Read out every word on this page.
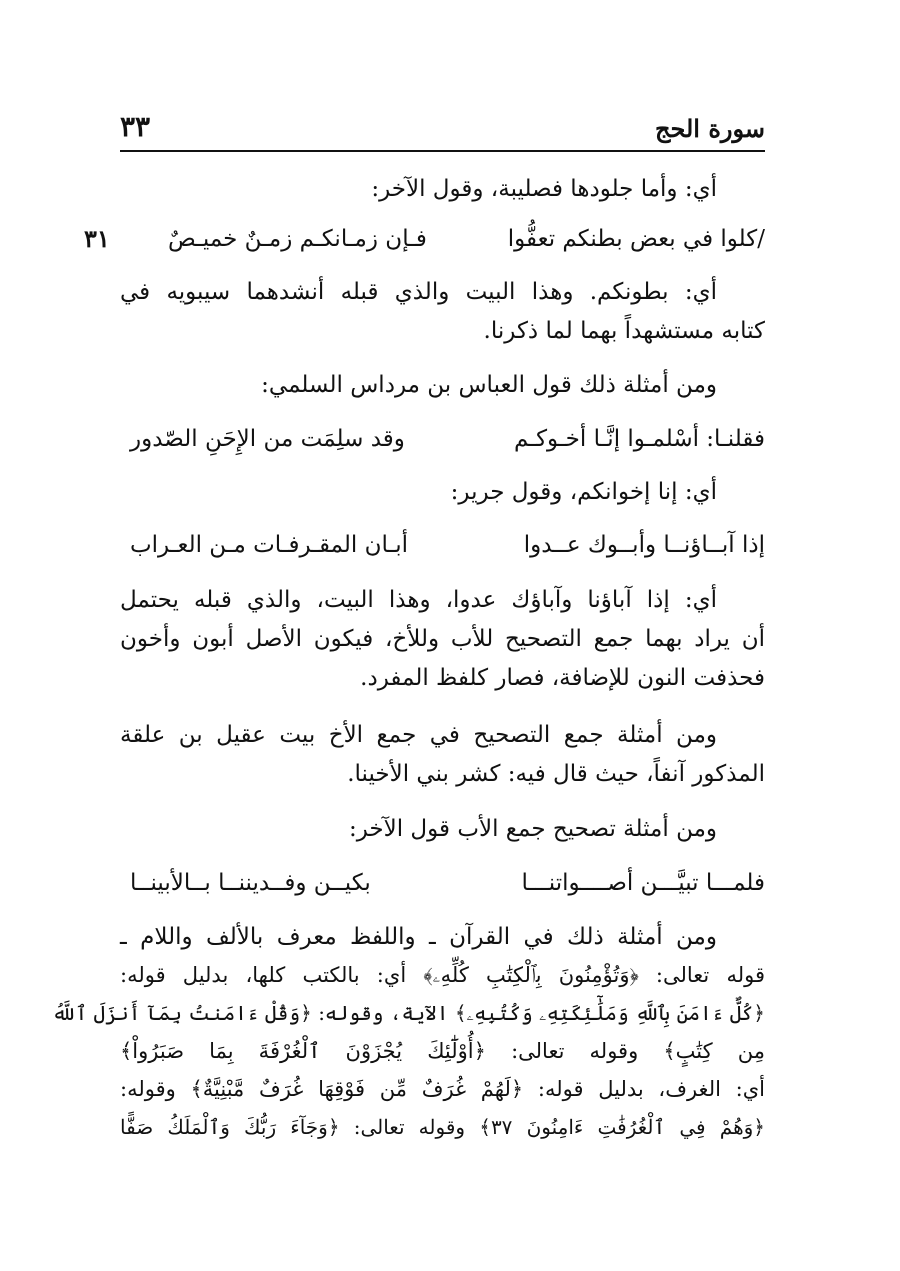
سورة الحج
٣٣
٣١
أي: وأما جلودها فصليبة، وقول الآخر:
/كلوا في بعض بطنكم تعفُّوا
فـإن زمـانكـم زمـنٌ خميـصٌ
أي: بطونكم. وهذا البيت والذي قبله أنشدهما سيبويه في
كتابه مستشهداً بهما لما ذكرنا.
ومن أمثلة ذلك قول العباس بن مرداس السلمي:
فقلنـا: أسْلمـوا إنَّـا أخـوكـم
وقد سلِمَت من الإِحَنِ الصّدور
أي: إنا إخوانكم، وقول جرير:
إذا آبــاؤنــا وأبــوك عــدوا
أبـان المقـرفـات مـن العـراب
أي: إذا آباؤنا وآباؤك عدوا، وهذا البيت، والذي قبله يحتمل
أن يراد بهما جمع التصحيح للأب وللأخ، فيكون الأصل أبون وأخون
فحذفت النون للإضافة، فصار كلفظ المفرد.
ومن أمثلة جمع التصحيح في جمع الأخ بيت عقيل بن علقة
المذكور آنفاً، حيث قال فيه: كشر بني الأخينا.
ومن أمثلة تصحيح جمع الأب قول الآخر:
فلمـــا تبيَّـــن أصــــواتنـــا
بكيــن وفــديننــا بــالأبينــا
ومن أمثلة ذلك في القرآن ـ واللفظ معرف بالألف واللام ـ
قوله تعالى: ﴿وَتُؤْمِنُونَ بِٱلْكِتَٰبِ كُلِّهِۦ﴾ أي: بالكتب كلها، بدليل قوله:
﴿كُلٌّ ءَامَنَ بِٱللَّهِ وَمَلَٰٓئِكَتِهِۦ وَكُتُبِهِۦ﴾ الآية، وقوله: ﴿وَقُلْ ءَامَنتُ بِمَآ أَنزَلَ ٱللَّهُ
مِن كِتَٰبٍ﴾ وقوله تعالى: ﴿أُوْلَٰٓئِكَ يُجْزَوْنَ ٱلْغُرْفَةَ بِمَا صَبَرُواْ﴾
أي: الغرف، بدليل قوله: ﴿لَهُمْ غُرَفٌ مِّن فَوْقِهَا غُرَفٌ مَّبْنِيَّةٌ﴾ وقوله:
﴿وَهُمْ فِي ٱلْغُرُفَٰتِ ءَامِنُونَ ٣٧﴾ وقوله تعالى: ﴿وَجَآءَ رَبُّكَ وَٱلْمَلَكُ صَفًّا
